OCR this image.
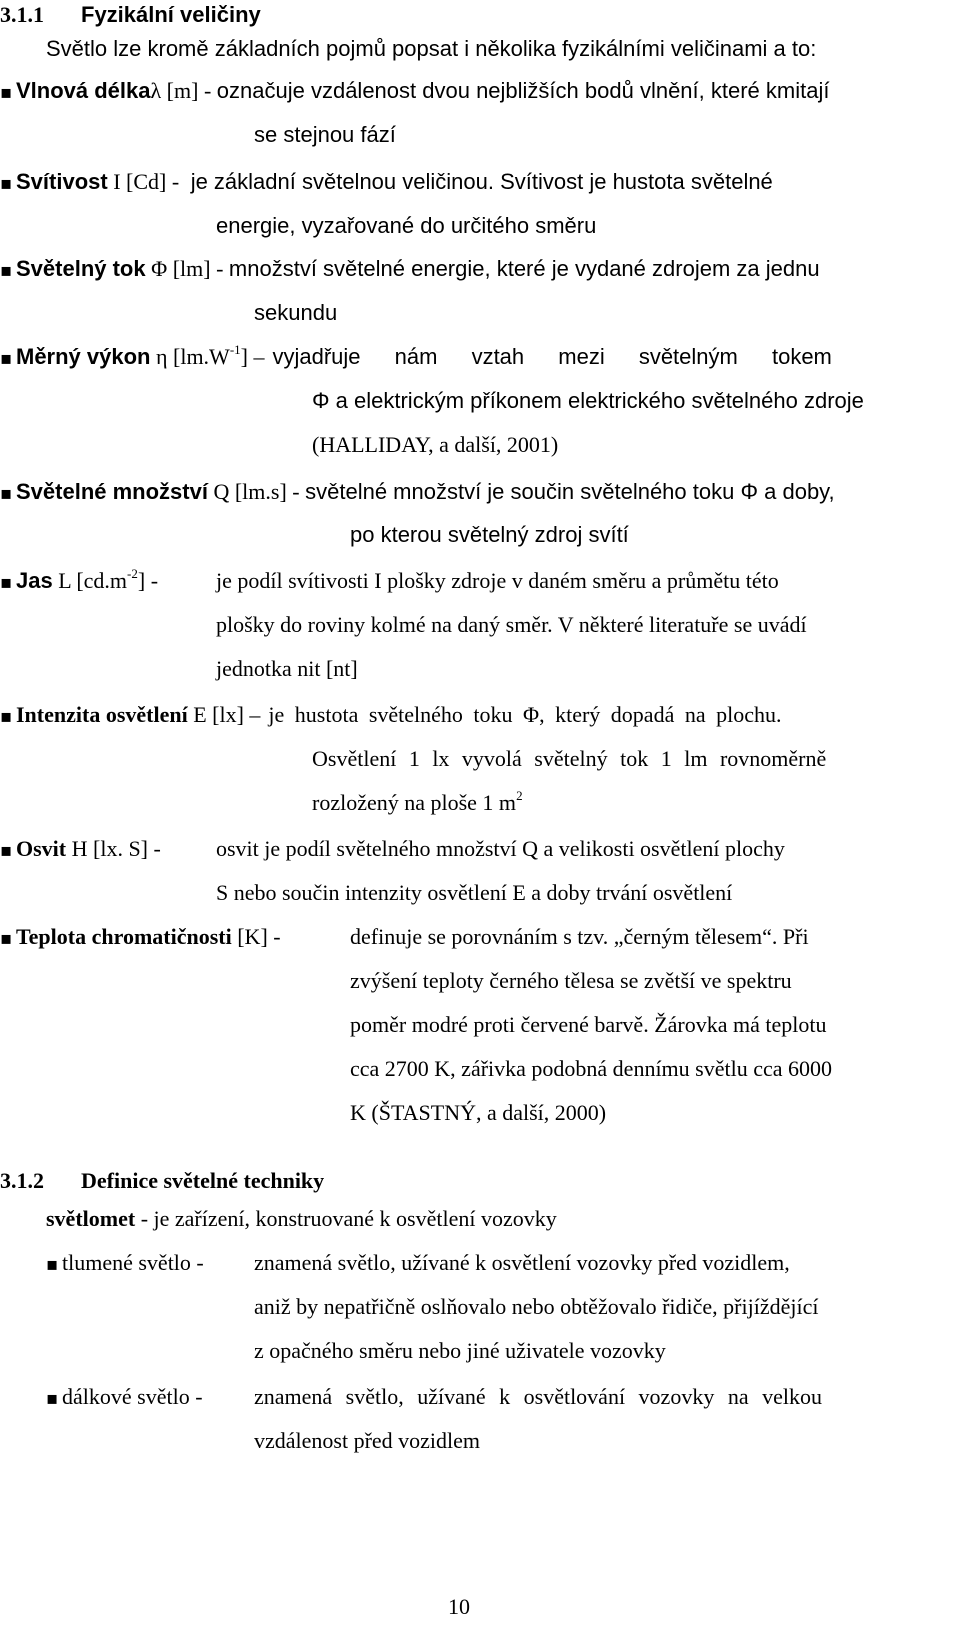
3.1.1 Fyzikální veličiny
Světlo lze kromě základních pojmů popsat i několika fyzikálními veličinami a to:
▪ Vlnová délkaλ [m] - označuje vzdálenost dvou nejbližších bodů vlnění, které kmitají
se stejnou fází
▪ Svítivost I [Cd] - je základní světelnou veličinou. Svítivost je hustota světelné
energie, vyzařované do určitého směru
▪ Světelný tok Φ [lm] - množství světelné energie, které je vydané zdrojem za jednu
sekundu
▪ Měrný výkon η $[lm.W^{-1}]$ – vyjadřuje nám vztah mezi světelným tokem
Φ a elektrickým příkonem elektrického světelného zdroje
(HALLIDAY, a další, 2001)
▪ Světelné množství Q [lm.s] - světelné množství je součin světelného toku Φ a doby,
po kterou světelný zdroj svítí
▪ Jas L $[cd.m^{-2}]$ -	je podíl svítivosti I plošky zdroje v daném směru a průmětu této
plošky do roviny kolmé na daný směr. V některé literatuře se uvádí
jednotka nit [nt]
▪ Intenzita osvětlení E [lx] – je hustota světelného toku Φ, který dopadá na plochu.
Osvětlení 1 lx vyvolá světelný tok 1 lm rovnoměrně
rozložený na ploše 1 $m^2$
▪ Osvit H [lx. S] -	osvit je podíl světelného množství Q a velikosti osvětlení plochy
S nebo součin intenzity osvětlení E a doby trvání osvětlení
▪ Teplota chromatičnosti [K] -	definuje se porovnáním s tzv. „černým tělesem“. Při
zvýšení teploty černého tělesa se zvětší ve spektru
poměr modré proti červené barvě. Žárovka má teplotu
cca 2700 K, zářivka podobná dennímu světlu cca 6000
K (ŠTASTNÝ, a další, 2000)
3.1.2 Definice světelné techniky
světlomet - je zařízení, konstruované k osvětlení vozovky
▪ tlumené světlo - znamená světlo, užívané k osvětlení vozovky před vozidlem,
aniž by nepatřičně oslňovalo nebo obtěžovalo řidiče, přijíždějící
z opačného směru nebo jiné uživatele vozovky
▪ dálkové světlo - znamená světlo, užívané k osvětlování vozovky na velkou
vzdálenost před vozidlem
10
